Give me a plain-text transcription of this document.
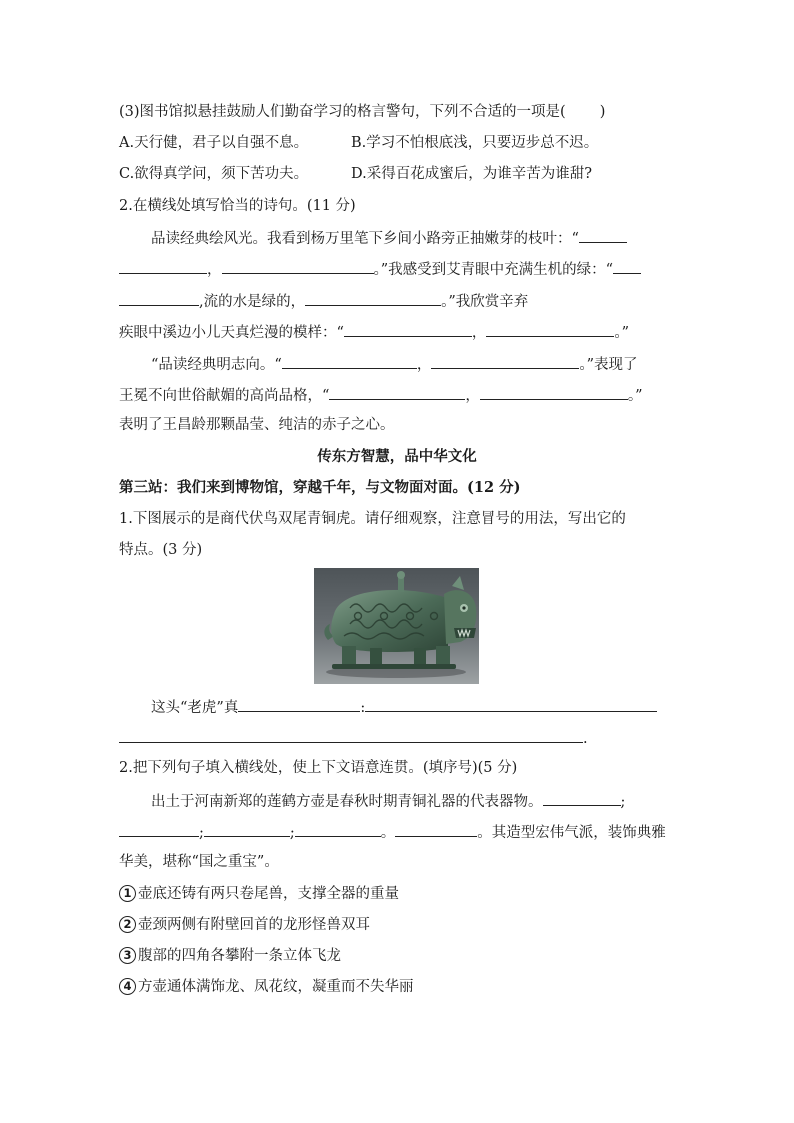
(3)图书馆拟悬挂鼓励人们勤奋学习的格言警句，下列不合适的一项是( )
A.天行健，君子以自强不息。	B.学习不怕根底浅，只要迈步总不迟。
C.欲得真学问，须下苦功夫。	D.采得百花成蜜后，为谁辛苦为谁甜?
2.在横线处填写恰当的诗句。(11 分)
品读经典绘风光。我看到杨万里笔下乡间小路旁正抽嫩芽的枝叶：“
，	。”我感受到艾青眼中充满生机的绿：“
,流的水是绿的，	。”我欣赏辛弃
疾眼中溪边小儿天真烂漫的模样：“	，	。”
“品读经典明志向。“	，	。”表现了
王冕不向世俗献媚的高尚品格，“	，	。”
表明了王昌龄那颗晶莹、纯洁的赤子之心。
传东方智慧，品中华文化
第三站：我们来到博物馆，穿越千年，与文物面对面。(12 分)
1.下图展示的是商代伏鸟双尾青铜虎。请仔细观察，注意冒号的用法，写出它的
特点。(3 分)
这头“老虎”真	:
.
2.把下列句子填入横线处，使上下文语意连贯。(填序号)(5 分)
出土于河南新郑的莲鹤方壶是春秋时期青铜礼器的代表器物。	;
;	;	。	。其造型宏伟气派，装饰典雅
华美，堪称“国之重宝”。
1 壶底还铸有两只卷尾兽，支撑全器的重量
2 壶颈两侧有附壁回首的龙形怪兽双耳
3 腹部的四角各攀附一条立体飞龙
4 方壶通体满饰龙、凤花纹，凝重而不失华丽
